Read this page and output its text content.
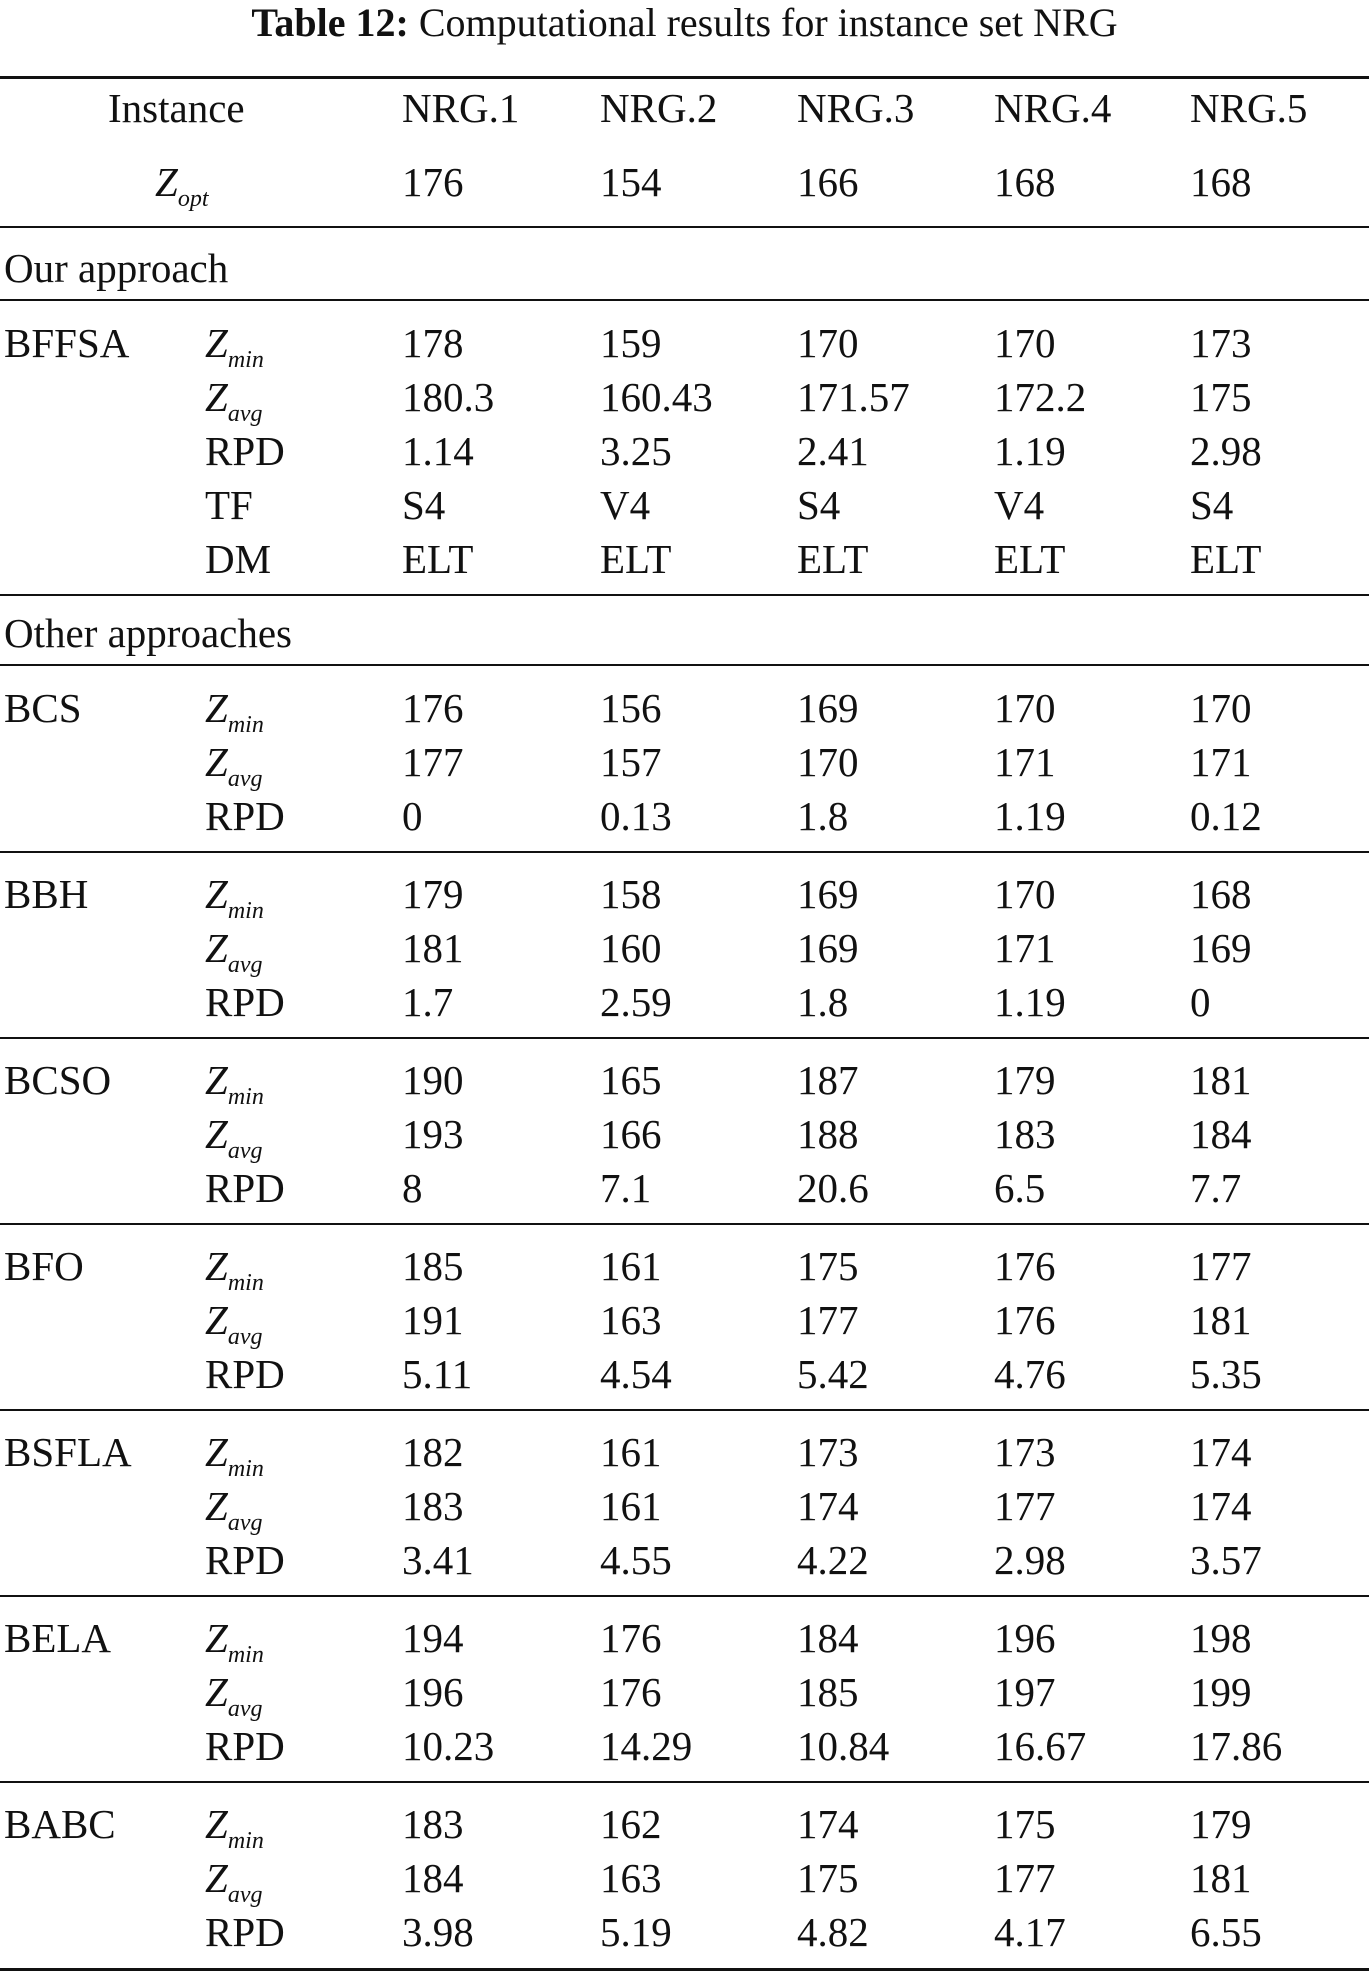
Table 12: Computational results for instance set NRG
Instance	NRG.1 NRG.2 NRG.3 NRG.4 NRG.5
$Z_{opt}$	176	154	166	168	168
Our approach
BFFSA $Z_{min}$	178	159	170	170	173
$Z_{avg}$	180.3	160.43 171.57 172.2	175
RPD	1.14	3.25	2.41	1.19	2.98
TF	S4	V4	S4	V4	S4
DM	ELT	ELT	ELT	ELT	ELT
Other approaches
BCS	$Z_{min}$	176	156	169	170	170
$Z_{avg}$	177	157	170	171	171
RPD	0	0.13	1.8	1.19	0.12
BBH	$Z_{min}$	179	158	169	170	168
$Z_{avg}$	181	160	169	171	169
RPD	1.7	2.59	1.8	1.19	0
BCSO $Z_{min}$	190	165	187	179	181
$Z_{avg}$	193	166	188	183	184
RPD	8	7.1	20.6	6.5	7.7
BFO	$Z_{min}$	185	161	175	176	177
$Z_{avg}$	191	163	177	176	181
RPD	5.11	4.54	5.42	4.76	5.35
BSFLA $Z_{min}$	182	161	173	173	174
$Z_{avg}$	183	161	174	177	174
RPD	3.41	4.55	4.22	2.98	3.57
BELA $Z_{min}$	194	176	184	196	198
$Z_{avg}$	196	176	185	197	199
RPD	10.23	14.29	10.84	16.67	17.86
BABC $Z_{min}$	183	162	174	175	179
$Z_{avg}$	184	163	175	177	181
RPD	3.98	5.19	4.82	4.17	6.55
